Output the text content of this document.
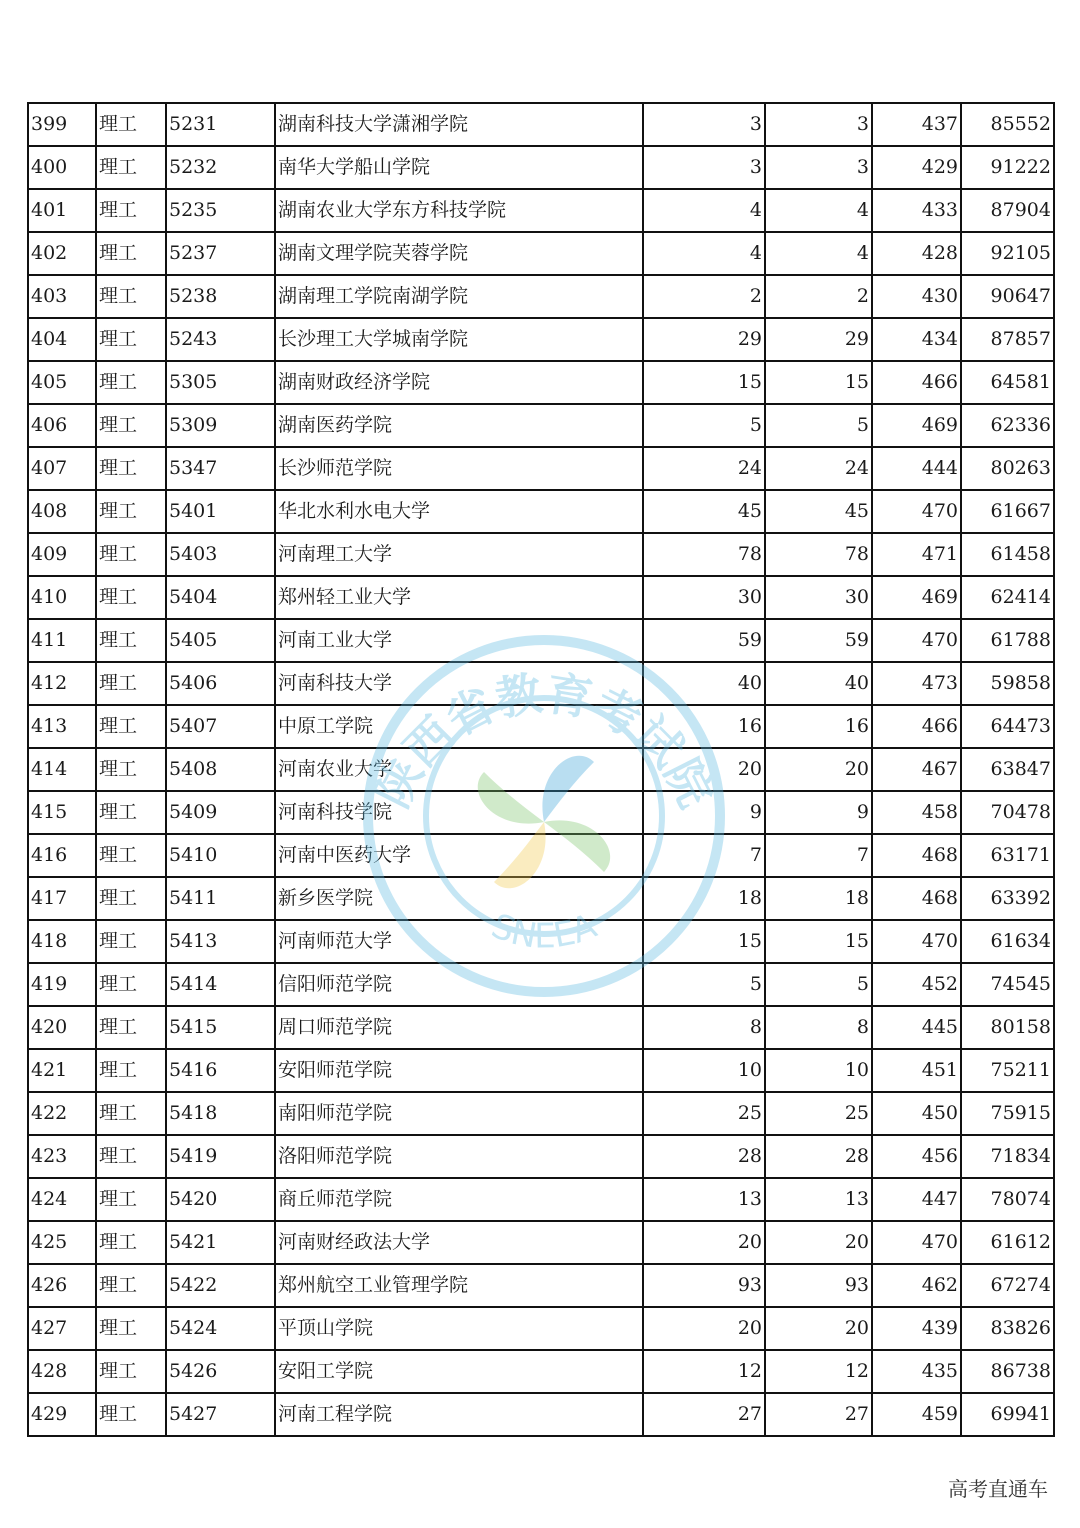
399	理工	5231	湖南科技大学潇湘学院	3	3	437	85552
400	理工	5232	南华大学船山学院	3	3	429	91222
401	理工	5235	湖南农业大学东方科技学院	4	4	433	87904
402	理工	5237	湖南文理学院芙蓉学院	4	4	428	92105
403	理工	5238	湖南理工学院南湖学院	2	2	430	90647
404	理工	5243	长沙理工大学城南学院	29	29	434	87857
405	理工	5305	湖南财政经济学院	15	15	466	64581
406	理工	5309	湖南医药学院	5	5	469	62336
407	理工	5347	长沙师范学院	24	24	444	80263
408	理工	5401	华北水利水电大学	45	45	470	61667
409	理工	5403	河南理工大学	78	78	471	61458
410	理工	5404	郑州轻工业大学	30	30	469	62414
411	理工	5405	河南工业大学	59	59	470	61788
412	理工	5406	河南科技大学	40	40	473	59858
413	理工	5407	中原工学院	16	16	466	64473
414	理工	5408	河南农业大学	20	20	467	63847
415	理工	5409	河南科技学院	9	9	458	70478
416	理工	5410	河南中医药大学	7	7	468	63171
417	理工	5411	新乡医学院	18	18	468	63392
418	理工	5413	河南师范大学	15	15	470	61634
419	理工	5414	信阳师范学院	5	5	452	74545
420	理工	5415	周口师范学院	8	8	445	80158
421	理工	5416	安阳师范学院	10	10	451	75211
422	理工	5418	南阳师范学院	25	25	450	75915
423	理工	5419	洛阳师范学院	28	28	456	71834
424	理工	5420	商丘师范学院	13	13	447	78074
425	理工	5421	河南财经政法大学	20	20	470	61612
426	理工	5422	郑州航空工业管理学院	93	93	462	67274
427	理工	5424	平顶山学院	20	20	439	83826
428	理工	5426	安阳工学院	12	12	435	86738
429	理工	5427	河南工程学院	27	27	459	69941
陕西省教育考试院
SNEEA
高考直通车
